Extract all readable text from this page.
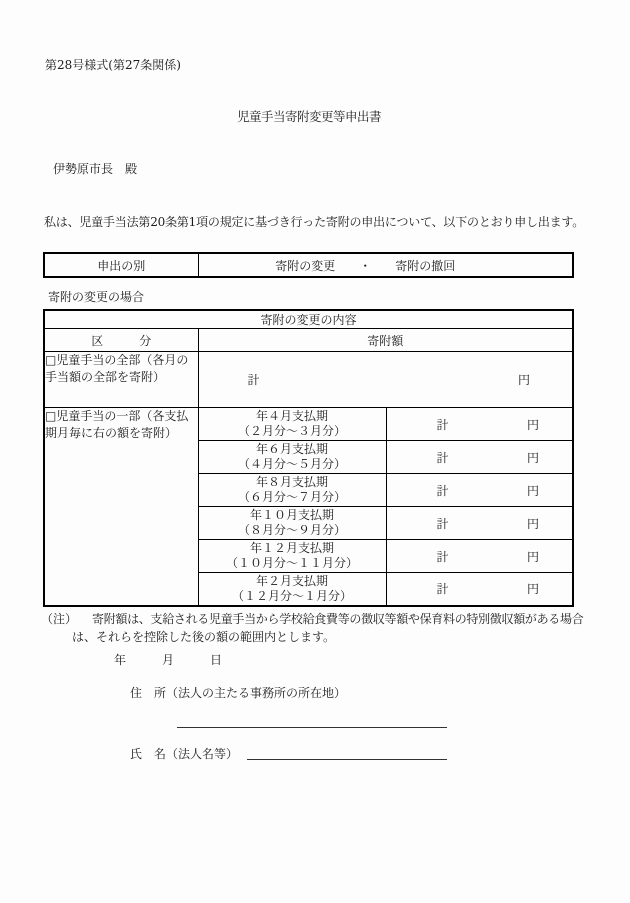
第28号様式(第27条関係)
児童手当寄附変更等申出書
伊勢原市長　殿
私は、児童手当法第20条第1項の規定に基づき行った寄附の申出について、以下のとおり申し出ます。
申出の別	寄附の変更 ・ 寄附の撤回
寄附の変更の場合
寄附の変更の内容		
区　　　分	寄附額	
□児童手当の全部（各月の手当額の全部を寄附）	計 円	

□児童手当の一部（各支払期月毎に右の額を寄附）	
年４月支払期
（２月分～３月分）	計	円

年６月支払期
（４月分～５月分）	計	円

年８月支払期
（６月分～７月分）	計	円

年１０月支払期
（８月分～９月分）	計	円

年１２月支払期
（１０月分～１１月分）	計	円

年２月支払期
（１２月分～１月分）	計	円
（注） 寄附額は、支給される児童手当から学校給食費等の徴収等額や保育料の特別徴収額がある場合
は、それらを控除した後の額の範囲内とします。
年　　　月　　　日
住　所（法人の主たる事務所の所在地）
氏　名（法人名等）
